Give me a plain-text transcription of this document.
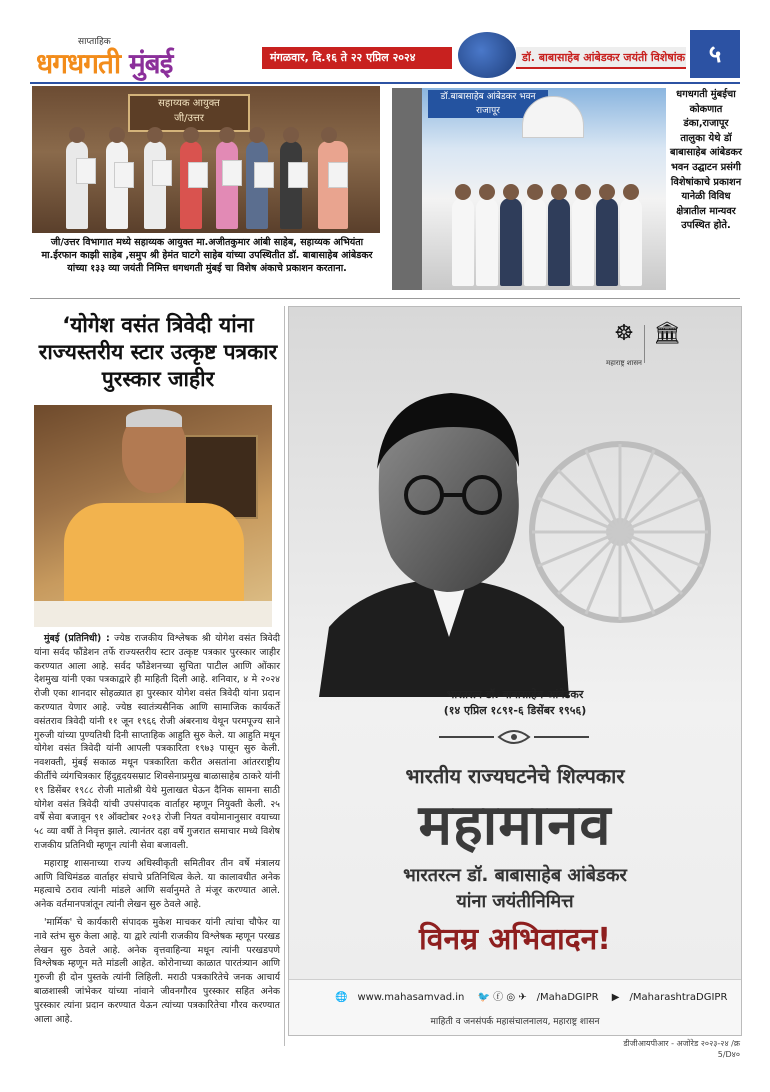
साप्ताहिक
धगधगती मुंबई	मंगळवार, दि.१६ ते २२ एप्रिल २०२४	डॉ. बाबासाहेब आंबेडकर जयंती विशेषांक ५
सहाय्यक आयुक्त
जी/उत्तर
डॉ.बाबासाहेब आंबेडकर भवन
राजापूर
जी/उत्तर विभागात मध्ये सहाय्यक आयुक्त मा.अजीतकुमार आंबी साहेब, सहाय्यक अभियंता मा.ईरफान काझी साहेब ,समुप श्री हेमंत घाटगे साहेब यांच्या उपस्थितीत डॉ. बाबासाहेब आंबेडकर यांच्या १३३ व्या जयंती निमित्त धगधगती मुंबई चा विशेष अंकाचे प्रकाशन करताना.
धगधगती मुंबईचा कोकणात डंका,राजापूर तालुका येथे डॉ बाबासाहेब आंबेडकर भवन उद्घाटन प्रसंगी विशेषांकाचे प्रकाशन यानेळी विविध क्षेत्रातील मान्यवर उपस्थित होते.
‘योगेश वसंत त्रिवेदी यांना राज्यस्तरीय स्टार उत्कृष्ट पत्रकार पुरस्कार जाहीर

मुंबई (प्रतिनिधी) : ज्येष्ठ राजकीय विश्लेषक श्री योगेश वसंत त्रिवेदी यांना सर्वद फौंडेशन तर्फे राज्यस्तरीय स्टार उत्कृष्ट पत्रकार पुरस्कार जाहीर करण्यात आला आहे. सर्वद फौंडेशनच्या सुचिता पाटील आणि ओंकार देशमुख यांनी एका पत्रकाद्वारे ही माहिती दिली आहे. शनिवार, ४ मे २०२४ रोजी एका शानदार सोहळ्यात हा पुरस्कार योगेश वसंत त्रिवेदी यांना प्रदान करण्यात येणार आहे. ज्येष्ठ स्वातंत्र्यसैनिक आणि सामाजिक कार्यकर्ते वसंतराव त्रिवेदी यांनी ११ जून १९६६ रोजी अंबरनाथ येथून परमपूज्य साने गुरुजी यांच्या पुण्यतिथी दिनी साप्ताहिक आहुति सुरु केले. या आहुति मधून योगेश वसंत त्रिवेदी यांनी आपली पत्रकारिता १९७३ पासून सुरु केली. नवशक्ती, मुंबई सकाळ मधून पत्रकारिता करीत असतांना आंतरराष्ट्रीय कीर्तीचे व्यंगचित्रकार हिंदुहृदयसम्राट शिवसेनाप्रमुख बाळासाहेब ठाकरे यांनी १९ डिसेंबर १९८८ रोजी मातोश्री येथे मुलाखत घेऊन दैनिक सामना साठी योगेश वसंत त्रिवेदी यांची उपसंपादक वार्ताहर म्हणून नियुक्ती केली. २५ वर्षे सेवा बजावून ९१ ऑक्टोबर २०१३ रोजी नियत वयोमानानुसार वयाच्या ५८ व्या वर्षी ते निवृत्त झाले. त्यानंतर दहा वर्षे गुजरात समाचार मध्ये विशेष राजकीय प्रतिनिधी म्हणून त्यांनी सेवा बजावली.

महाराष्ट्र शासनाच्या राज्य अधिस्वीकृती समितीवर तीन वर्षे मंत्रालय आणि विधिमंडळ वार्ताहर संघाचे प्रतिनिधित्व केले. या कालावधीत अनेक महत्वाचे ठराव त्यांनी मांडले आणि सर्वानुमते ते मंजूर करण्यात आले. अनेक वर्तमानपत्रांतून त्यांनी लेखन सुरु ठेवले आहे.

'मार्मिक' चे कार्यकारी संपादक मुकेश माचकर यांनी त्यांचा चौफेर या नावे स्तंभ सुरु केला आहे. या द्वारे त्यांनी राजकीय विश्लेषक म्हणून परखड लेखन सुरु ठेवले आहे. अनेक वृत्तवाहिन्या मधून त्यांनी परखडपणे विश्लेषक म्हणून मते मांडली आहेत. कोरोनाच्या काळात पारतंत्र्यान आणि गुरुजी ही दोन पुस्तके त्यांनी लिहिली. मराठी पत्रकारितेचे जनक आचार्य बाळशास्त्री जांभेकर यांच्या नांवाने जीवनगौरव पुरस्कार सहित अनेक पुरस्कार त्यांना प्रदान करण्यात येऊन त्यांच्या पत्रकारितेचा गौरव करण्यात आला आहे.

☸
महाराष्ट्र शासन
🏛
भारतरत्न डॉ. बाबासाहेब आंबेडकर
(१४ एप्रिल १८९१-६ डिसेंबर १९५६)
भारतीय राज्यघटनेचे शिल्पकार
महामानव
भारतरत्न डॉ. बाबासाहेब आंबेडकर
यांना जयंतीनिमित्त
विनम्र अभिवादन!
🌐 www.mahasamvad.in 🐦 ⓕ ◎ ✈ /MahaDGIPR ▶ /MaharashtraDGIPR
माहिती व जनसंपर्क महासंचालनालय, महाराष्ट्र शासन
डीजीआयपीआर - अजोरेड २०२३-२४ /क्र 5/D४०
